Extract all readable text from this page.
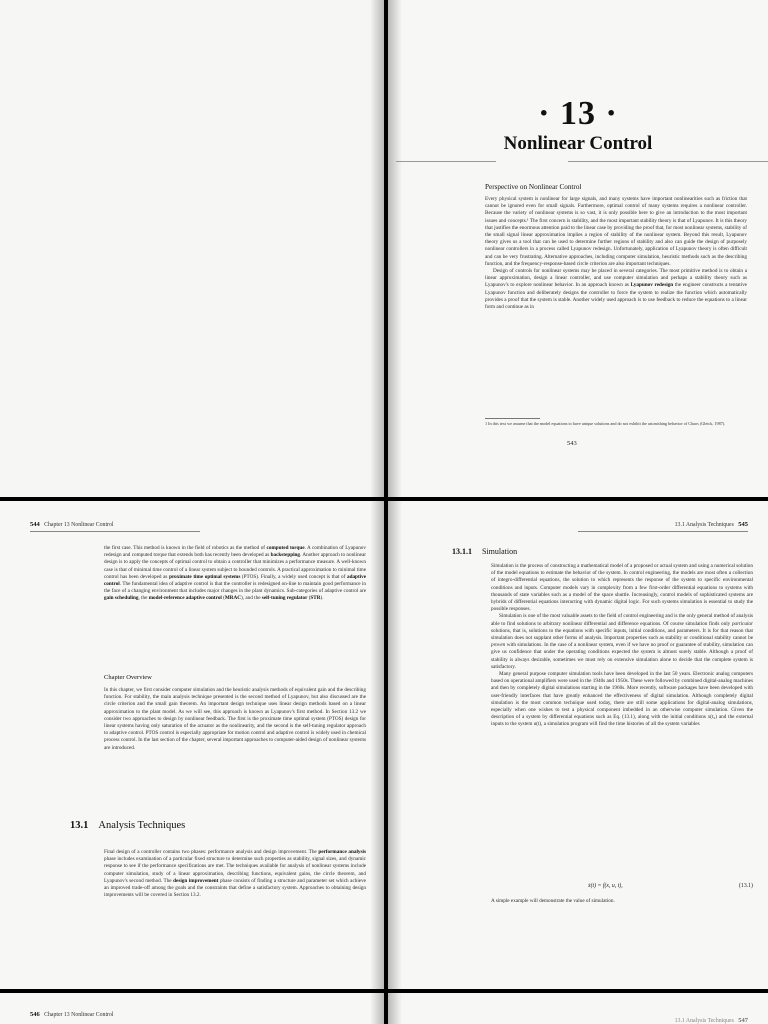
· 13 ·
Nonlinear Control
Perspective on Nonlinear Control

Every physical system is nonlinear for large signals, and many systems have important nonlinearities such as friction that cannot be ignored even for small signals. Furthermore, optimal control of many systems requires a nonlinear controller. Because the variety of nonlinear systems is so vast, it is only possible here to give an introduction to the most important issues and concepts.¹ The first concern is stability, and the most important stability theory is that of Lyapunov. It is this theory that justifies the enormous attention paid to the linear case by providing the proof that, for most nonlinear systems, stability of the small signal linear approximation implies a region of stability of the nonlinear system. Beyond this result, Lyapunov theory gives us a tool that can be used to determine further regions of stability and also can guide the design of purposely nonlinear controllers in a process called Lyapunov redesign. Unfortunately, application of Lyapunov theory is often difficult and can be very frustrating. Alternative approaches, including computer simulation, heuristic methods such as the describing function, and the frequency-response-based circle criterion are also important techniques.

Design of controls for nonlinear systems may be placed in several categories. The most primitive method is to obtain a linear approximation, design a linear controller, and use computer simulation and perhaps a stability theory such as Lyapunov's to explore nonlinear behavior. In an approach known as Lyapunov redesign the engineer constructs a tentative Lyapunov function and deliberately designs the controller to force the system to realize the function which automatically provides a proof that the system is stable. Another widely used approach is to use feedback to reduce the equations to a linear form and continue as in

1 In this text we assume that the model equations to have unique solutions and do not exhibit the astonishing behavior of Chaos (Gleick, 1987).
543
544 Chapter 13 Nonlinear Control

the first case. This method is known in the field of robotics as the method of computed torque. A combination of Lyapunov redesign and computed torque that extends both has recently been developed as backstepping. Another approach to nonlinear design is to apply the concepts of optimal control to obtain a controller that minimizes a performance measure. A well-known case is that of minimal time control of a linear system subject to bounded controls. A practical approximation to minimal time control has been developed as proximate time optimal systems (PTOS). Finally, a widely used concept is that of adaptive control. The fundamental idea of adaptive control is that the controller is redesigned on-line to maintain good performance in the face of a changing environment that includes major changes in the plant dynamics. Sub-categories of adaptive control are gain scheduling, the model-reference adaptive control (MRAC), and the self-tuning regulator (STR).

Chapter Overview

In this chapter, we first consider computer simulation and the heuristic analysis methods of equivalent gain and the describing function. For stability, the main analysis technique presented is the second method of Lyapunov, but also discussed are the circle criterion and the small gain theorem. An important design technique uses linear design methods based on a linear approximation to the plant model. As we will see, this approach is known as Lyapunov's first method. In Section 13.2 we consider two approaches to design by nonlinear feedback. The first is the proximate time optimal system (PTOS) design for linear systems having only saturation of the actuator as the nonlinearity, and the second is the self-tuning regulator approach to adaptive control. PTOS control is especially appropriate for motion control and adaptive control is widely used in chemical process control. In the last section of the chapter, several important approaches to computer-aided design of nonlinear systems are introduced.

13.1 Analysis Techniques

Final design of a controller contains two phases: performance analysis and design improvement. The performance analysis phase includes examination of a particular fixed structure to determine such properties as stability, signal sizes, and dynamic response to see if the performance specifications are met. The techniques available for analysis of nonlinear systems include computer simulation, study of a linear approximation, describing functions, equivalent gains, the circle theorem, and Lyapunov's second method. The design improvement phase consists of finding a structure and parameter set which achieve an improved trade-off among the goals and the constraints that define a satisfactory system. Approaches to obtaining design improvements will be covered in Section 13.2.

13.1 Analysis Techniques 545
13.1.1 Simulation

Simulation is the process of constructing a mathematical model of a proposed or actual system and using a numerical solution of the model equations to estimate the behavior of the system. In control engineering, the models are most often a collection of integro-differential equations, the solution to which represents the response of the system to specific environmental conditions and inputs. Computer models vary in complexity from a few first-order differential equations to systems with thousands of state variables such as a model of the space shuttle. Increasingly, control models of sophisticated systems are hybrids of differential equations interacting with dynamic digital logic. For such systems simulation is essential to study the possible responses.

Simulation is one of the most valuable assets to the field of control engineering and is the only general method of analysis able to find solutions to arbitrary nonlinear differential and difference equations. Of course simulation finds only particular solutions, that is, solutions to the equations with specific inputs, initial conditions, and parameters. It is for that reason that simulation does not supplant other forms of analysis. Important properties such as stability or conditional stability cannot be proven with simulations. In the case of a nonlinear system, even if we have no proof or guarantee of stability, simulation can give us confidence that under the operating conditions expected the system is almost surely stable. Although a proof of stability is always desirable, sometimes we must rely on extensive simulation alone to decide that the complete system is satisfactory.

Many general purpose computer simulation tools have been developed in the last 50 years. Electronic analog computers based on operational amplifiers were used in the 1940s and 1950s. These were followed by combined digital-analog machines and then by completely digital simulations starting in the 1960s. More recently, software packages have been developed with user-friendly interfaces that have greatly enhanced the effectiveness of digital simulation. Although completely digital simulation is the most common technique used today, there are still some applications for digital-analog simulations, especially when one wishes to test a physical component imbedded in an otherwise computer simulation. Given the description of a system by differential equations such as Eq. (13.1), along with the initial conditions x(t₀) and the external inputs to the system u(t), a simulation program will find the time histories of all the system variables

ẋ(t) = f(x, u, t),	(13.1)

A simple example will demonstrate the value of simulation.

546 Chapter 13 Nonlinear Control
13.1 Analysis Techniques 547
